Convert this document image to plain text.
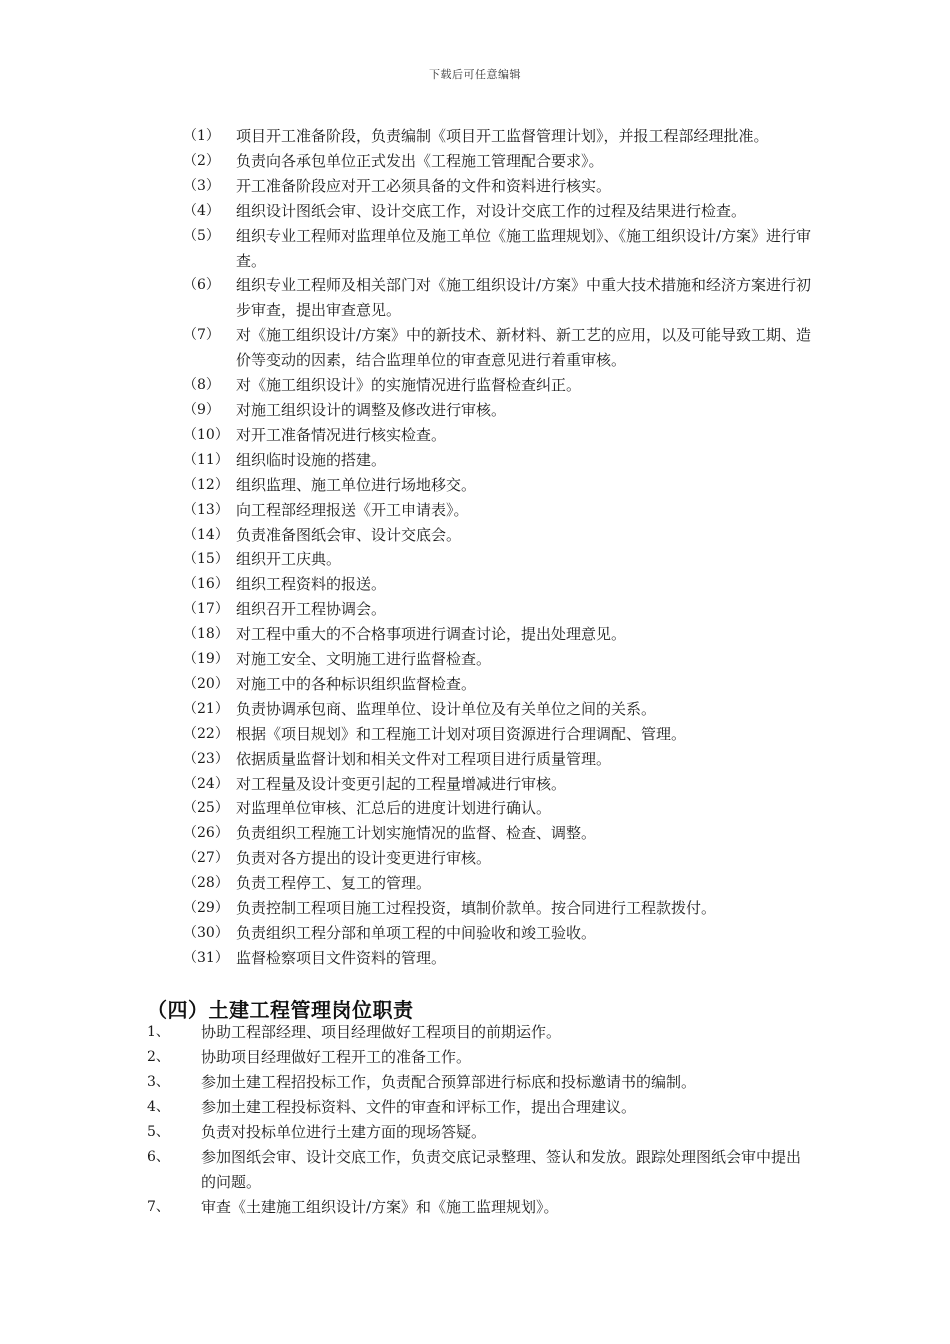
下载后可任意编辑
（1）	项目开工准备阶段，负责编制《项目开工监督管理计划》，并报工程部经理批准。
（2）	负责向各承包单位正式发出《工程施工管理配合要求》。
（3）	开工准备阶段应对开工必须具备的文件和资料进行核实。
（4）	组织设计图纸会审、设计交底工作，对设计交底工作的过程及结果进行检查。
（5）	组织专业工程师对监理单位及施工单位《施工监理规划》、《施工组织设计/方案》进行审查。
（6）	组织专业工程师及相关部门对《施工组织设计/方案》中重大技术措施和经济方案进行初步审查，提出审查意见。
（7）	对《施工组织设计/方案》中的新技术、新材料、新工艺的应用，以及可能导致工期、造价等变动的因素，结合监理单位的审查意见进行着重审核。
（8）	对《施工组织设计》的实施情况进行监督检查纠正。
（9）	对施工组织设计的调整及修改进行审核。
（10） 对开工准备情况进行核实检查。
（11） 组织临时设施的搭建。
（12） 组织监理、施工单位进行场地移交。
（13） 向工程部经理报送《开工申请表》。
（14） 负责准备图纸会审、设计交底会。
（15） 组织开工庆典。
（16） 组织工程资料的报送。
（17） 组织召开工程协调会。
（18） 对工程中重大的不合格事项进行调查讨论，提出处理意见。
（19） 对施工安全、文明施工进行监督检查。
（20） 对施工中的各种标识组织监督检查。
（21） 负责协调承包商、监理单位、设计单位及有关单位之间的关系。
（22） 根据《项目规划》和工程施工计划对项目资源进行合理调配、管理。
（23） 依据质量监督计划和相关文件对工程项目进行质量管理。
（24） 对工程量及设计变更引起的工程量增减进行审核。
（25） 对监理单位审核、汇总后的进度计划进行确认。
（26） 负责组织工程施工计划实施情况的监督、检查、调整。
（27） 负责对各方提出的设计变更进行审核。
（28） 负责工程停工、复工的管理。
（29） 负责控制工程项目施工过程投资，填制价款单。按合同进行工程款拨付。
（30） 负责组织工程分部和单项工程的中间验收和竣工验收。
（31） 监督检察项目文件资料的管理。
（四）土建工程管理岗位职责
1、	协助工程部经理、项目经理做好工程项目的前期运作。
2、	协助项目经理做好工程开工的准备工作。
3、	参加土建工程招投标工作，负责配合预算部进行标底和投标邀请书的编制。
4、	参加土建工程投标资料、文件的审查和评标工作，提出合理建议。
5、	负责对投标单位进行土建方面的现场答疑。
6、	参加图纸会审、设计交底工作，负责交底记录整理、签认和发放。跟踪处理图纸会审中提出的问题。
7、	审查《土建施工组织设计/方案》和《施工监理规划》。
